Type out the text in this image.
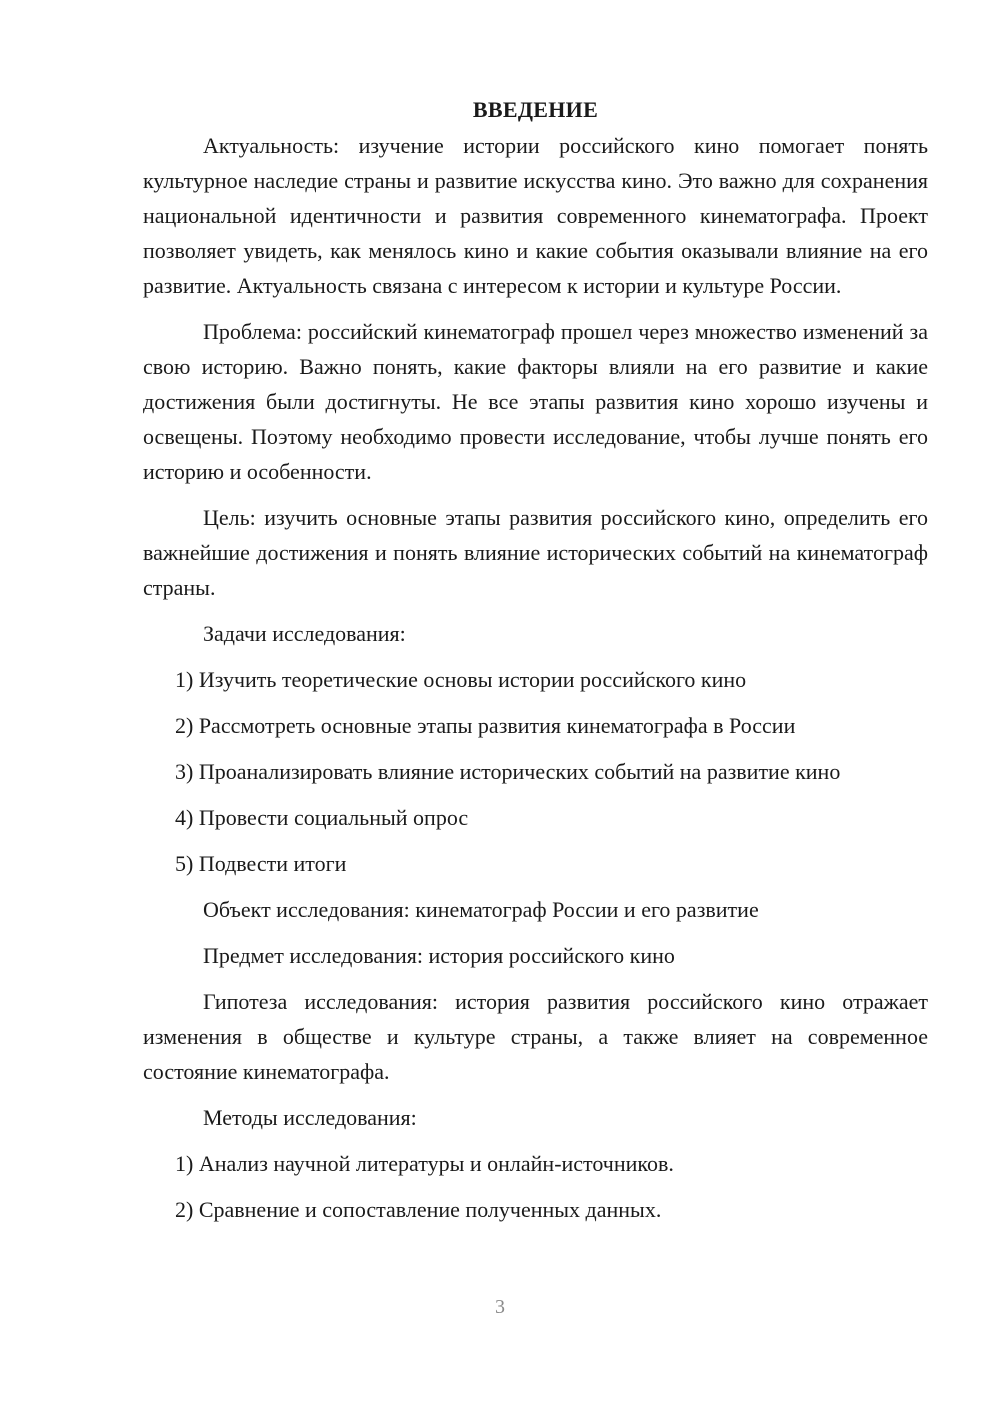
ВВЕДЕНИЕ

Актуальность: изучение истории российского кино помогает понять культурное наследие страны и развитие искусства кино. Это важно для сохранения национальной идентичности и развития современного кинематографа. Проект позволяет увидеть, как менялось кино и какие события оказывали влияние на его развитие. Актуальность связана с интересом к истории и культуре России.

Проблема: российский кинематограф прошел через множество изменений за свою историю. Важно понять, какие факторы влияли на его развитие и какие достижения были достигнуты. Не все этапы развития кино хорошо изучены и освещены. Поэтому необходимо провести исследование, чтобы лучше понять его историю и особенности.

Цель: изучить основные этапы развития российского кино, определить его важнейшие достижения и понять влияние исторических событий на кинематограф страны.

Задачи исследования:

1) Изучить теоретические основы истории российского кино

2) Рассмотреть основные этапы развития кинематографа в России

3) Проанализировать влияние исторических событий на развитие кино

4) Провести социальный опрос

5) Подвести итоги

Объект исследования: кинематограф России и его развитие

Предмет исследования: история российского кино

Гипотеза исследования: история развития российского кино отражает изменения в обществе и культуре страны, а также влияет на современное состояние кинематографа.

Методы исследования:

1) Анализ научной литературы и онлайн-источников.

2) Сравнение и сопоставление полученных данных.

3
